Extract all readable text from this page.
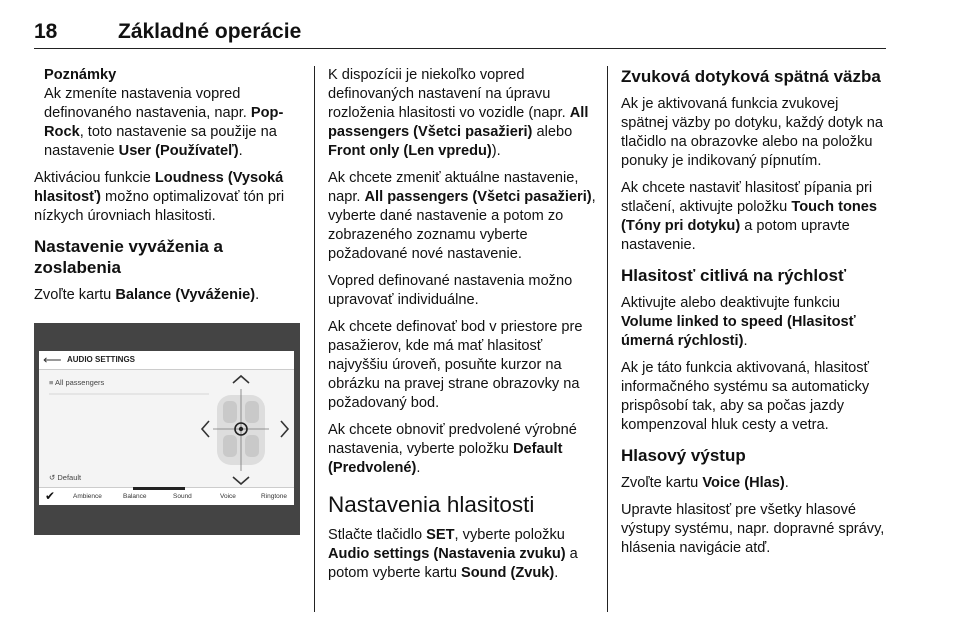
18	Základné operácie
Poznámky
Ak zmeníte nastavenia vopred definovaného nastavenia, napr. Pop-Rock, toto nastavenie sa použije na nastavenie User (Používateľ).

Aktiváciou funkcie Loudness (Vysoká hlasitosť) možno optimalizovať tón pri nízkych úrovniach hlasitosti.

Nastavenie vyváženia a zoslabenia

Zvoľte kartu Balance (Vyváženie).

⟵ AUDIO SETTINGS
≡ All passengers
↺ Default
✔	Ambience	Balance	Sound	Voice	Ringtone

K dispozícii je niekoľko vopred definovaných nastavení na úpravu rozloženia hlasitosti vo vozidle (napr. All passengers (Všetci pasažieri) alebo Front only (Len vpredu)).

Ak chcete zmeniť aktuálne nastavenie, napr. All passengers (Všetci pasažieri), vyberte dané nastavenie a potom zo zobrazeného zoznamu vyberte požadované nové nastavenie.

Vopred definované nastavenia možno upravovať individuálne.

Ak chcete definovať bod v priestore pre pasažierov, kde má mať hlasitosť najvyššiu úroveň, posuňte kurzor na obrázku na pravej strane obrazovky na požadovaný bod.

Ak chcete obnoviť predvolené výrobné nastavenia, vyberte položku Default (Predvolené).

Nastavenia hlasitosti

Stlačte tlačidlo SET, vyberte položku Audio settings (Nastavenia zvuku) a potom vyberte kartu Sound (Zvuk).

Zvuková dotyková spätná väzba

Ak je aktivovaná funkcia zvukovej spätnej väzby po dotyku, každý dotyk na tlačidlo na obrazovke alebo na položku ponuky je indikovaný pípnutím.

Ak chcete nastaviť hlasitosť pípania pri stlačení, aktivujte položku Touch tones (Tóny pri dotyku) a potom upravte nastavenie.

Hlasitosť citlivá na rýchlosť

Aktivujte alebo deaktivujte funkciu Volume linked to speed (Hlasitosť úmerná rýchlosti).

Ak je táto funkcia aktivovaná, hlasitosť informačného systému sa automaticky prispôsobí tak, aby sa počas jazdy kompenzoval hluk cesty a vetra.

Hlasový výstup

Zvoľte kartu Voice (Hlas).

Upravte hlasitosť pre všetky hlasové výstupy systému, napr. dopravné správy, hlásenia navigácie atď.
